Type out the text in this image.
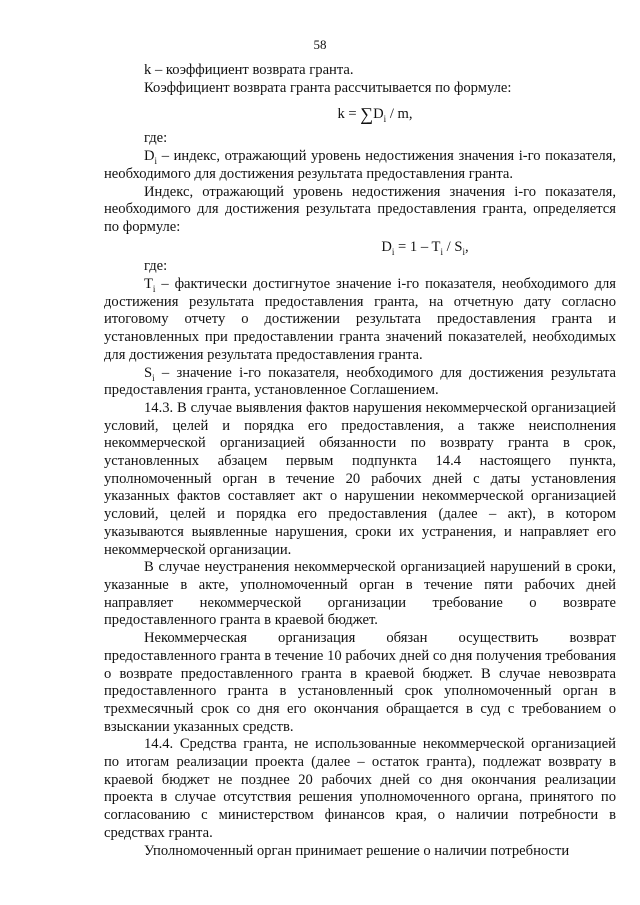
58

k – коэффициент возврата гранта.

Коэффициент возврата гранта рассчитывается по формуле:

$k = \sum D_i / m$,

где:

$D_i$ – индекс, отражающий уровень недостижения значения i-го показателя, необходимого для достижения результата предоставления гранта.

Индекс, отражающий уровень недостижения значения i-го показателя, необходимого для достижения результата предоставления гранта, определяется по формуле:

$D_i = 1 - T_i / S_i$,

где:

$T_i$ – фактически достигнутое значение i-го показателя, необходимого для достижения результата предоставления гранта, на отчетную дату согласно итоговому отчету о достижении результата предоставления гранта и установленных при предоставлении гранта значений показателей, необходимых для достижения результата предоставления гранта.

$S_i$ – значение i-го показателя, необходимого для достижения результата предоставления гранта, установленное Соглашением.

14.3. В случае выявления фактов нарушения некоммерческой организацией условий, целей и порядка его предоставления, а также неисполнения некоммерческой организацией обязанности по возврату гранта в срок, установленных абзацем первым подпункта 14.4 настоящего пункта, уполномоченный орган в течение 20 рабочих дней с даты установления указанных фактов составляет акт о нарушении некоммерческой организацией условий, целей и порядка его предоставления (далее – акт), в котором указываются выявленные нарушения, сроки их устранения, и направляет его некоммерческой организации.

В случае неустранения некоммерческой организацией нарушений в сроки, указанные в акте, уполномоченный орган в течение пяти рабочих дней направляет некоммерческой организации требование о возврате предоставленного гранта в краевой бюджет.

Некоммерческая организация обязан осуществить возврат предоставленного гранта в течение 10 рабочих дней со дня получения требования о возврате предоставленного гранта в краевой бюджет. В случае невозврата предоставленного гранта в установленный срок уполномоченный орган в трехмесячный срок со дня его окончания обращается в суд с требованием о взыскании указанных средств.

14.4. Средства гранта, не использованные некоммерческой организацией по итогам реализации проекта (далее – остаток гранта), подлежат возврату в краевой бюджет не позднее 20 рабочих дней со дня окончания реализации проекта в случае отсутствия решения уполномоченного органа, принятого по согласованию с министерством финансов края, о наличии потребности в средствах гранта.

Уполномоченный орган принимает решение о наличии потребности
